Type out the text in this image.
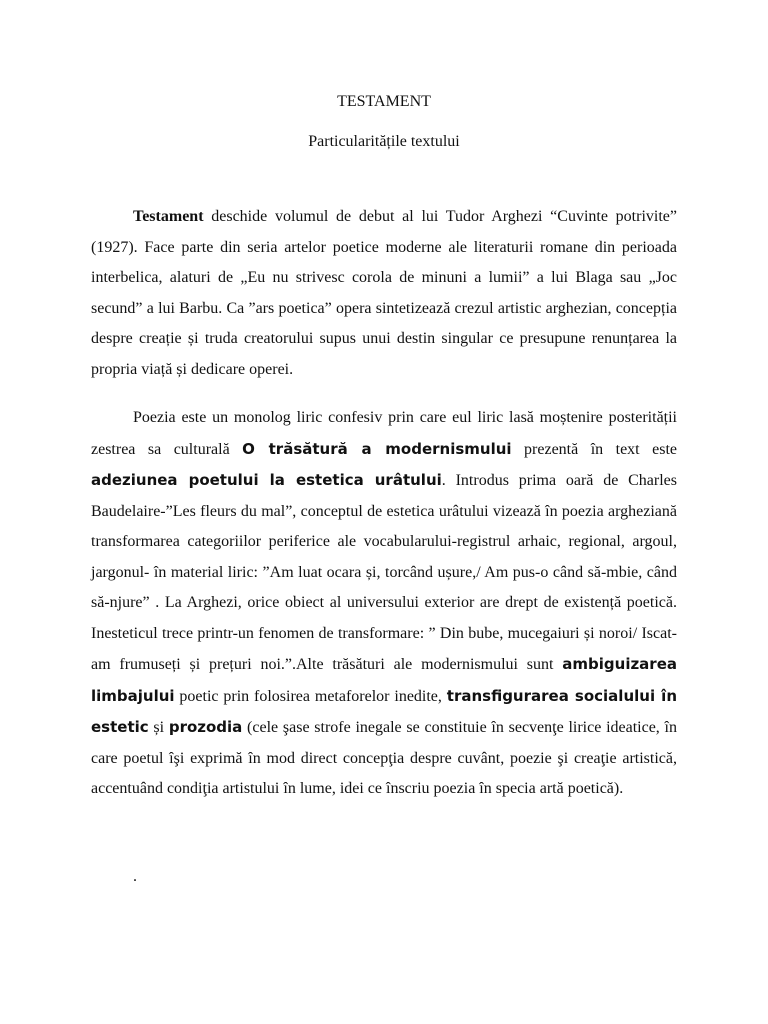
TESTAMENT
Particularitățile textului

Testament deschide volumul de debut al lui Tudor Arghezi “Cuvinte potrivite” (1927). Face parte din seria artelor poetice moderne ale literaturii romane din perioada interbelica, alaturi de „Eu nu strivesc corola de minuni a lumii” a lui Blaga sau „Joc secund” a lui Barbu. Ca ”ars poetica” opera sintetizează crezul artistic arghezian, concepția despre creație și truda creatorului supus unui destin singular ce presupune renunțarea la propria viață și dedicare operei.

Poezia este un monolog liric confesiv prin care eul liric lasă moștenire posterității zestrea sa culturală O trăsătură a modernismului prezentă în text este adeziunea poetului la estetica urâtului. Introdus prima oară de Charles Baudelaire-”Les fleurs du mal”, conceptul de estetica urâtului vizează în poezia argheziană transformarea categoriilor periferice ale vocabularului-registrul arhaic, regional, argoul, jargonul- în material liric: ”Am luat ocara și, torcând ușure,/ Am pus-o când să-mbie, când să-njure” . La Arghezi, orice obiect al universului exterior are drept de existență poetică. Inesteticul trece printr-un fenomen de transformare: ” Din bube, mucegaiuri și noroi/ Iscat-am frumuseți și prețuri noi.”.Alte trăsături ale modernismului sunt ambiguizarea limbajului poetic prin folosirea metaforelor inedite, transfigurarea socialului în estetic și prozodia (cele şase strofe inegale se constituie în secvenţe lirice ideatice, în care poetul îşi exprimă în mod direct concepţia despre cuvânt, poezie şi creaţie artistică, accentuând condiţia artistului în lume, idei ce înscriu poezia în specia artă poetică).

.
